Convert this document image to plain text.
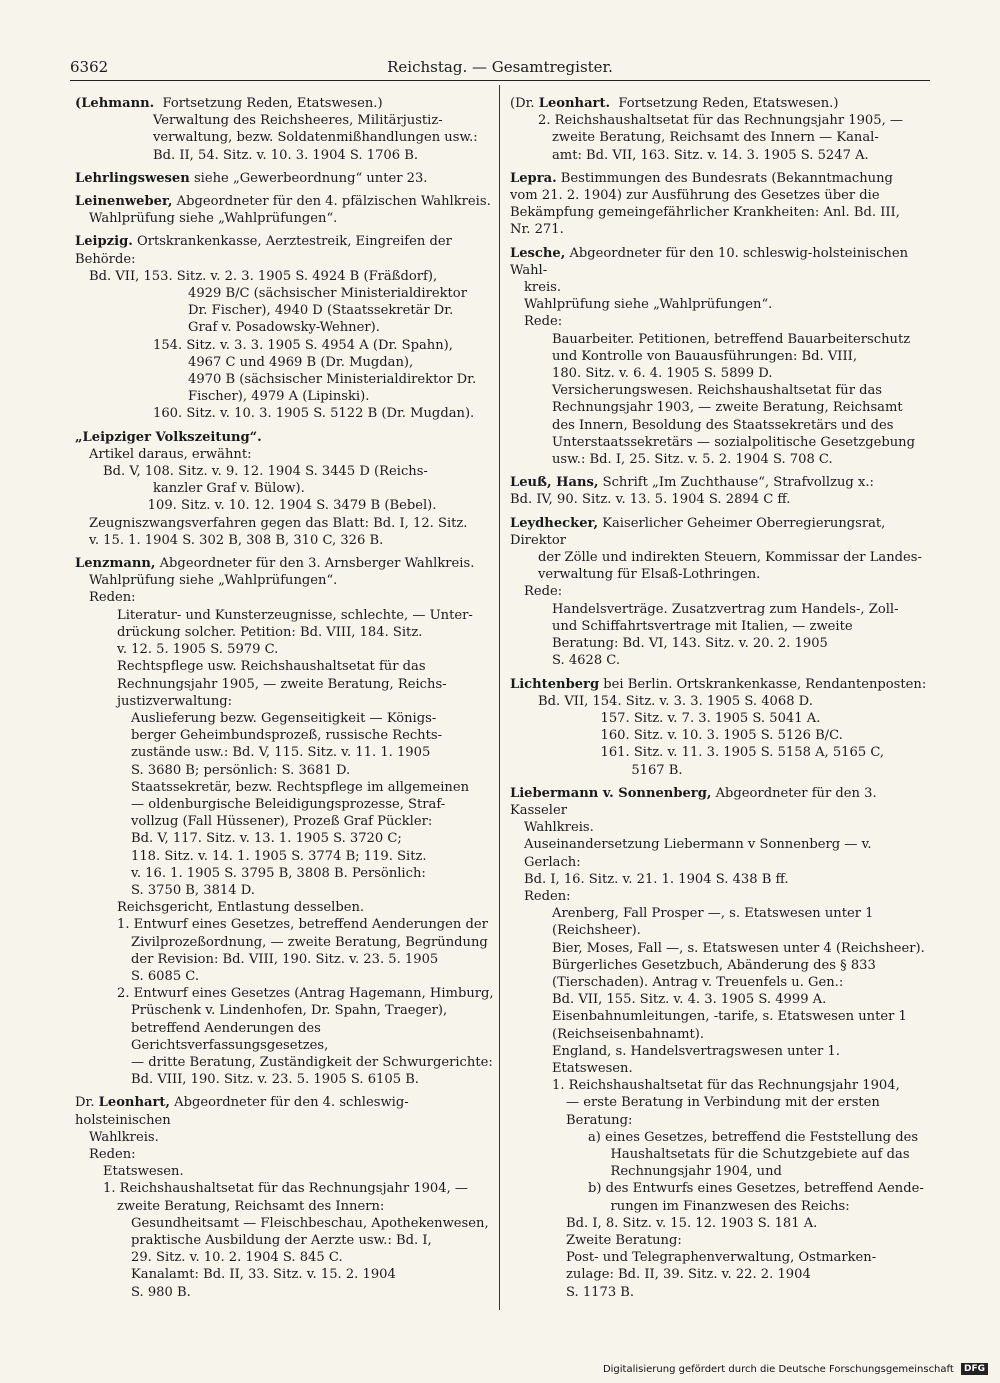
6362	Reichstag. — Gesamtregister.
(Lehmann.  Fortsetzung Reden, Etatswesen.)
Verwaltung des Reichsheeres, Militärjustiz-
verwaltung, bezw. Soldatenmißhandlungen usw.:
Bd. II, 54. Sitz. v. 10. 3. 1904 S. 1706 B.
Lehrlingswesen siehe „Gewerbeordnung“ unter 23.
Leinenweber, Abgeordneter für den 4. pfälzischen Wahlkreis.
Wahlprüfung siehe „Wahlprüfungen“.
Leipzig. Ortskrankenkasse, Aerztestreik, Eingreifen der Behörde:
Bd. VII, 153. Sitz. v. 2. 3. 1905 S. 4924 B (Fräßdorf),
4929 B/C (sächsischer Ministerialdirektor
Dr. Fischer), 4940 D (Staatssekretär Dr.
Graf v. Posadowsky-Wehner).
154. Sitz. v. 3. 3. 1905 S. 4954 A (Dr. Spahn),
4967 C und 4969 B (Dr. Mugdan),
4970 B (sächsischer Ministerialdirektor Dr.
Fischer), 4979 A (Lipinski).
160. Sitz. v. 10. 3. 1905 S. 5122 B (Dr. Mugdan).
„Leipziger Volkszeitung“.
Artikel daraus, erwähnt:
Bd. V, 108. Sitz. v. 9. 12. 1904 S. 3445 D (Reichs-
kanzler Graf v. Bülow).
109. Sitz. v. 10. 12. 1904 S. 3479 B (Bebel).
Zeugniszwangsverfahren gegen das Blatt: Bd. I, 12. Sitz.
v. 15. 1. 1904 S. 302 B, 308 B, 310 C, 326 B.
Lenzmann, Abgeordneter für den 3. Arnsberger Wahlkreis.
Wahlprüfung siehe „Wahlprüfungen“.
Reden:
Literatur- und Kunsterzeugnisse, schlechte, — Unter-
drückung solcher. Petition: Bd. VIII, 184. Sitz.
v. 12. 5. 1905 S. 5979 C.
Rechtspflege usw. Reichshaushaltsetat für das
Rechnungsjahr 1905, — zweite Beratung, Reichs-
justizverwaltung:
Auslieferung bezw. Gegenseitigkeit — Königs-
berger Geheimbundsprozeß, russische Rechts-
zustände usw.: Bd. V, 115. Sitz. v. 11. 1. 1905
S. 3680 B; persönlich: S. 3681 D.
Staatssekretär, bezw. Rechtspflege im allgemeinen
— oldenburgische Beleidigungsprozesse, Straf-
vollzug (Fall Hüssener), Prozeß Graf Pückler:
Bd. V, 117. Sitz. v. 13. 1. 1905 S. 3720 C;
118. Sitz. v. 14. 1. 1905 S. 3774 B; 119. Sitz.
v. 16. 1. 1905 S. 3795 B, 3808 B. Persönlich:
S. 3750 B, 3814 D.
Reichsgericht, Entlastung desselben.
1. Entwurf eines Gesetzes, betreffend Aenderungen der
Zivilprozeßordnung, — zweite Beratung, Begründung
der Revision: Bd. VIII, 190. Sitz. v. 23. 5. 1905
S. 6085 C.
2. Entwurf eines Gesetzes (Antrag Hagemann, Himburg,
Prüschenk v. Lindenhofen, Dr. Spahn, Traeger),
betreffend Aenderungen des Gerichtsverfassungsgesetzes,
— dritte Beratung, Zuständigkeit der Schwurgerichte:
Bd. VIII, 190. Sitz. v. 23. 5. 1905 S. 6105 B.
Dr. Leonhart, Abgeordneter für den 4. schleswig-holsteinischen
Wahlkreis.
Reden:
Etatswesen.
1. Reichshaushaltsetat für das Rechnungsjahr 1904, —
zweite Beratung, Reichsamt des Innern:
Gesundheitsamt — Fleischbeschau, Apothekenwesen,
praktische Ausbildung der Aerzte usw.: Bd. I,
29. Sitz. v. 10. 2. 1904 S. 845 C.
Kanalamt: Bd. II, 33. Sitz. v. 15. 2. 1904
S. 980 B.
(Dr. Leonhart.  Fortsetzung Reden, Etatswesen.)
2. Reichshaushaltsetat für das Rechnungsjahr 1905, —
zweite Beratung, Reichsamt des Innern — Kanal-
amt: Bd. VII, 163. Sitz. v. 14. 3. 1905 S. 5247 A.
Lepra. Bestimmungen des Bundesrats (Bekanntmachung
vom 21. 2. 1904) zur Ausführung des Gesetzes über die
Bekämpfung gemeingefährlicher Krankheiten: Anl. Bd. III,
Nr. 271.
Lesche, Abgeordneter für den 10. schleswig-holsteinischen Wahl-
kreis.
Wahlprüfung siehe „Wahlprüfungen“.
Rede:
Bauarbeiter. Petitionen, betreffend Bauarbeiterschutz
und Kontrolle von Bauausführungen: Bd. VIII,
180. Sitz. v. 6. 4. 1905 S. 5899 D.
Versicherungswesen. Reichshaushaltsetat für das
Rechnungsjahr 1903, — zweite Beratung, Reichsamt
des Innern, Besoldung des Staatssekretärs und des
Unterstaatssekretärs — sozialpolitische Gesetzgebung
usw.: Bd. I, 25. Sitz. v. 5. 2. 1904 S. 708 C.
Leuß, Hans, Schrift „Im Zuchthause“, Strafvollzug x.:
Bd. IV, 90. Sitz. v. 13. 5. 1904 S. 2894 C ff.
Leydhecker, Kaiserlicher Geheimer Oberregierungsrat, Direktor
der Zölle und indirekten Steuern, Kommissar der Landes-
verwaltung für Elsaß-Lothringen.
Rede:
Handelsverträge. Zusatzvertrag zum Handels-, Zoll-
und Schiffahrtsvertrage mit Italien, — zweite
Beratung: Bd. VI, 143. Sitz. v. 20. 2. 1905
S. 4628 C.
Lichtenberg bei Berlin. Ortskrankenkasse, Rendantenposten:
Bd. VII, 154. Sitz. v. 3. 3. 1905 S. 4068 D.
157. Sitz. v. 7. 3. 1905 S. 5041 A.
160. Sitz. v. 10. 3. 1905 S. 5126 B/C.
161. Sitz. v. 11. 3. 1905 S. 5158 A, 5165 C,
5167 B.
Liebermann v. Sonnenberg, Abgeordneter für den 3. Kasseler
Wahlkreis.
Auseinandersetzung Liebermann v Sonnenberg — v. Gerlach:
Bd. I, 16. Sitz. v. 21. 1. 1904 S. 438 B ff.
Reden:
Arenberg, Fall Prosper —, s. Etatswesen unter 1
(Reichsheer).
Bier, Moses, Fall —, s. Etatswesen unter 4 (Reichsheer).
Bürgerliches Gesetzbuch, Abänderung des § 833
(Tierschaden). Antrag v. Treuenfels u. Gen.:
Bd. VII, 155. Sitz. v. 4. 3. 1905 S. 4999 A.
Eisenbahnumleitungen, -tarife, s. Etatswesen unter 1
(Reichseisenbahnamt).
England, s. Handelsvertragswesen unter 1.
Etatswesen.
1. Reichshaushaltsetat für das Rechnungsjahr 1904,
— erste Beratung in Verbindung mit der ersten
Beratung:
a) eines Gesetzes, betreffend die Feststellung des
Haushaltsetats für die Schutzgebiete auf das
Rechnungsjahr 1904, und
b) des Entwurfs eines Gesetzes, betreffend Aende-
rungen im Finanzwesen des Reichs:
Bd. I, 8. Sitz. v. 15. 12. 1903 S. 181 A.
Zweite Beratung:
Post- und Telegraphenverwaltung, Ostmarken-
zulage: Bd. II, 39. Sitz. v. 22. 2. 1904
S. 1173 B.
Digitalisierung gefördert durch die Deutsche Forschungsgemeinschaft DFG
